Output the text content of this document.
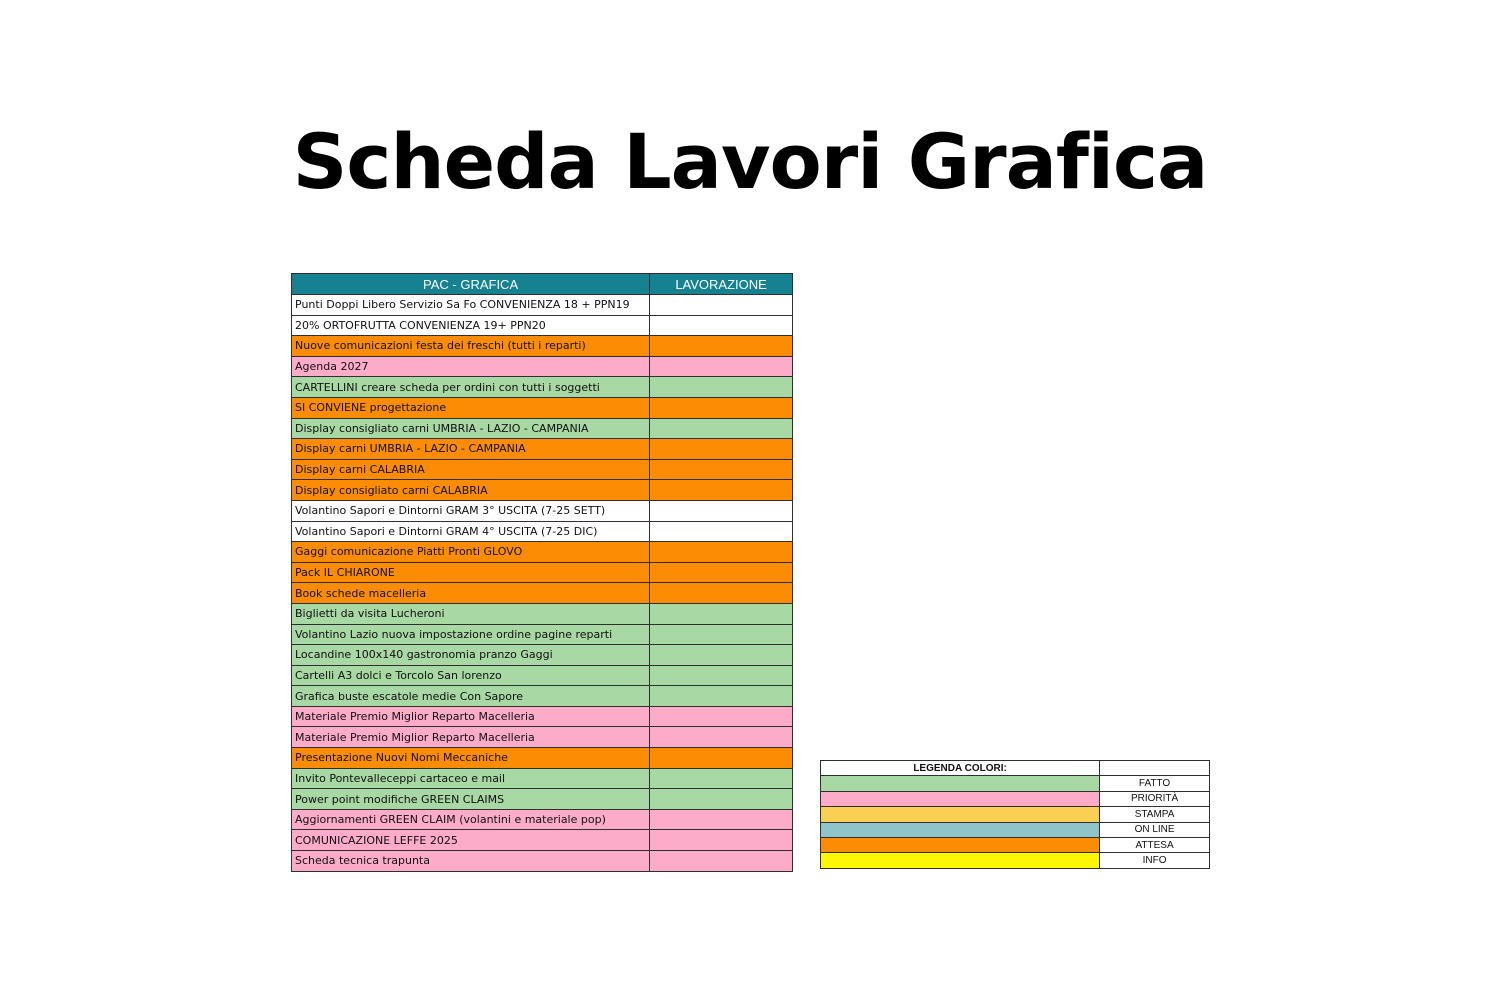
Scheda Lavori Grafica
PAC - GRAFICA	LAVORAZIONE
Punti Doppi Libero Servizio Sa Fo CONVENIENZA 18 + PPN19	
20% ORTOFRUTTA CONVENIENZA 19+ PPN20	
Nuove comunicazioni festa dei freschi (tutti i reparti)	
Agenda 2027	
CARTELLINI creare scheda per ordini con tutti i soggetti	
SI CONVIENE progettazione	
Display consigliato carni UMBRIA - LAZIO - CAMPANIA	
Display carni UMBRIA - LAZIO - CAMPANIA	
Display carni CALABRIA	
Display consigliato carni CALABRIA	
Volantino Sapori e Dintorni GRAM 3° USCITA (7-25 SETT)	
Volantino Sapori e Dintorni GRAM 4° USCITA (7-25 DIC)	
Gaggi comunicazione Piatti Pronti GLOVO	
Pack IL CHIARONE	
Book schede macelleria	
Biglietti da visita Lucheroni	
Volantino Lazio nuova impostazione ordine pagine reparti	
Locandine 100x140 gastronomia pranzo Gaggi	
Cartelli A3 dolci e Torcolo San lorenzo	
Grafica buste escatole medie Con Sapore	
Materiale Premio Miglior Reparto Macelleria	
Materiale Premio Miglior Reparto Macelleria	
Presentazione Nuovi Nomi Meccaniche	
Invito Pontevalleceppi cartaceo e mail	
Power point modifiche GREEN CLAIMS	
Aggiornamenti GREEN CLAIM (volantini e materiale pop)	
COMUNICAZIONE LEFFE 2025	
Scheda tecnica trapunta	
LEGENDA COLORI:	
	FATTO
	PRIORITÀ
	STAMPA
	ON LINE
	ATTESA
	INFO
